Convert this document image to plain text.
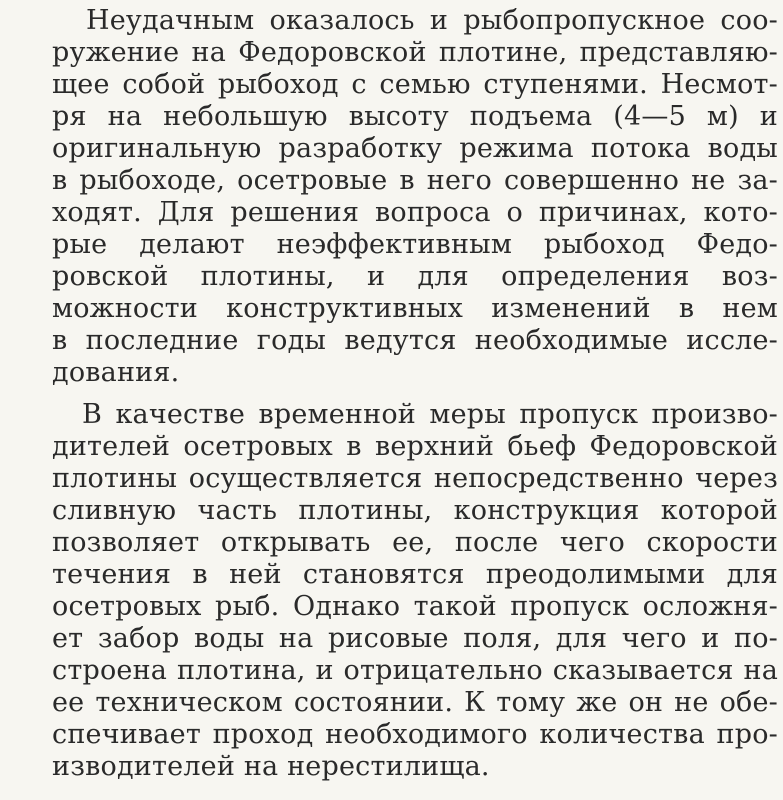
Неудачным оказалось и рыбопропускное соо-
ружение на Федоровской плотине, представляю-
щее собой рыбоход с семью ступенями. Несмот-
ря на небольшую высоту подъема (4—5 м) и
оригинальную разработку режима потока воды
в рыбоходе, осетровые в него совершенно не за-
ходят. Для решения вопроса о причинах, кото-
рые делают неэффективным рыбоход Федо-
ровской плотины, и для определения воз-
можности конструктивных изменений в нем
в последние годы ведутся необходимые иссле-
дования.
В качестве временной меры пропуск произво-
дителей осетровых в верхний бьеф Федоровской
плотины осуществляется непосредственно через
сливную часть плотины, конструкция которой
позволяет открывать ее, после чего скорости
течения в ней становятся преодолимыми для
осетровых рыб. Однако такой пропуск осложня-
ет забор воды на рисовые поля, для чего и по-
строена плотина, и отрицательно сказывается на
ее техническом состоянии. К тому же он не обе-
спечивает проход необходимого количества про-
изводителей на нерестилища.
